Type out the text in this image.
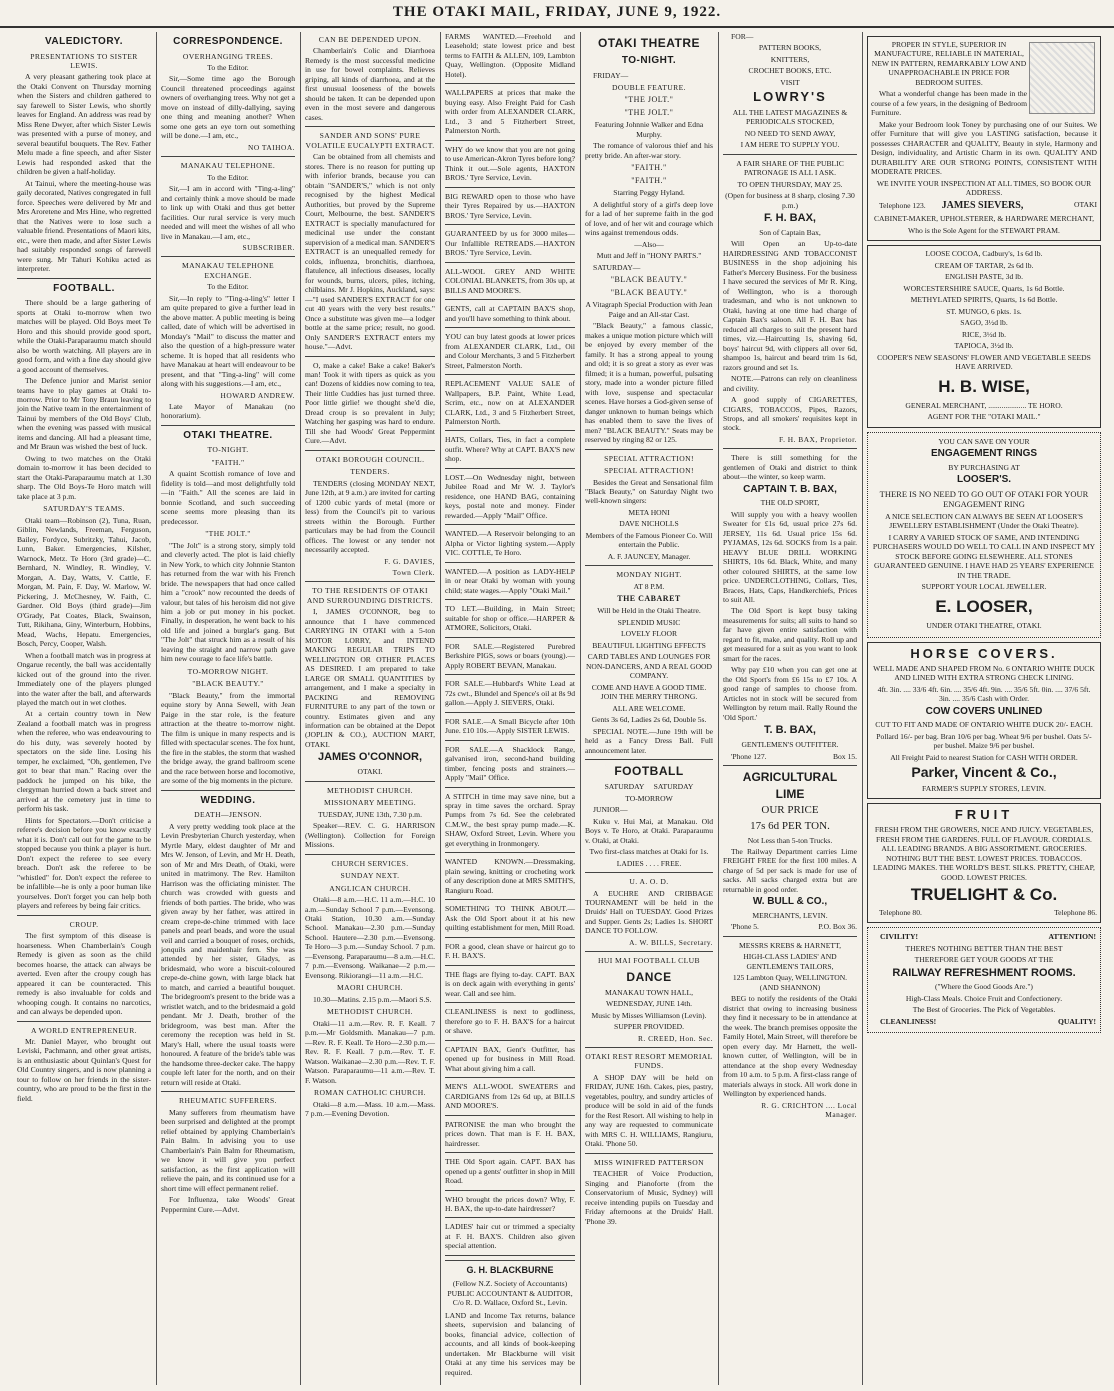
THE OTAKI MAIL, FRIDAY, JUNE 9, 1922.
VALEDICTORY.
PRESENTATIONS TO SISTER LEWIS.

A very pleasant gathering took place at the Otaki Convent on Thursday morning when the Sisters and children gathered to say farewell to Sister Lewis, who shortly leaves for England. An address was read by Miss Rene Dwyer, after which Sister Lewis was presented with a purse of money, and several beautiful bouquets. The Rev. Father Melu made a fine speech, and after Sister Lewis had responded asked that the children be given a half-holiday.

At Tainui, where the meeting-house was gaily decorated, Natives congregated in full force. Speeches were delivered by Mr and Mrs Aroretene and Mrs Hine, who regretted that the Natives were to lose such a valuable friend. Presentations of Maori kits, etc., were then made, and after Sister Lewis had suitably responded songs of farewell were sung. Mr Tahuri Kohiku acted as interpreter.

FOOTBALL.

There should be a large gathering of sports at Otaki to-morrow when two matches will be played. Old Boys meet Te Horo and this should provide good sport, while the Otaki-Paraparaumu match should also be worth watching. All players are in good form, and with a fine day should give a good account of themselves.

The Defence junior and Marist senior teams have to play games at Otaki to-morrow. Prior to Mr Tony Braun leaving to join the Native team in the entertainment of Tainui by members of the Old Boys' Club, when the evening was passed with musical items and dancing. All had a pleasant time, and Mr Braun was wished the best of luck.

Owing to two matches on the Otaki domain to-morrow it has been decided to start the Otaki-Paraparaumu match at 1.30 sharp. The Old Boys-Te Horo match will take place at 3 p.m.

SATURDAY'S TEAMS.

Otaki team—Robinson (2), Tuna, Ruan, Giblin, Newlands, Freeman, Ferguson, Bailey, Fordyce, Subritzky, Tahui, Jacob, Lunn, Baker. Emergencies, Kilsher, Warnock, Metz. Te Horo (3rd grade)—C. Bernhard, N. Windley, R. Windley, V. Morgan, A. Day, Watts, V. Cattle, F. Morgan, M. Pain, F. Day, W. Marlow, W. Pickering, J. McChesney, W. Faith, C. Gardner. Old Boys (third grade)—Jim O'Grady, Pat Coates, Black, Swainson, Tutt, Rikihana, Giny, Winterburn, Hobbins, Mead, Wachs, Hepatu. Emergencies, Bosch, Percy, Cooper, Walsh.

When a football match was in progress at Ongarue recently, the ball was accidentally kicked out of the ground into the river. Immediately one of the players plunged into the water after the ball, and afterwards played the match out in wet clothes.

At a certain country town in New Zealand a football match was in progress when the referee, who was endeavouring to do his duty, was severely hooted by spectators on the side line. Losing his temper, he exclaimed, "Oh, gentlemen, I've got to bear that man." Racing over the paddock he jumped on his bike, the clergyman hurried down a back street and arrived at the cemetery just in time to perform his task.

Hints for Spectators.—Don't criticise a referee's decision before you know exactly what it is. Don't call out for the game to be stopped because you think a player is hurt. Don't expect the referee to see every breach. Don't ask the referee to be "whistled" for. Don't expect the referee to be infallible—he is only a poor human like yourselves. Don't forget you can help both players and referees by being fair critics.

CROUP.

The first symptom of this disease is hoarseness. When Chamberlain's Cough Remedy is given as soon as the child becomes hoarse, the attack can always be averted. Even after the croupy cough has appeared it can be counteracted. This remedy is also invaluable for colds and whooping cough. It contains no narcotics, and can always be depended upon.

A WORLD ENTREPRENEUR.

Mr. Daniel Mayer, who brought out Leviski, Pachmann, and other great artists, is an enthusiastic about Quinlan's Quest for Old Country singers, and is now planning a tour to follow on her friends in the sister-country, who are proud to be the first in the field.

CORRESPONDENCE.
OVERHANGING TREES.

To the Editor.

Sir,—Some time ago the Borough Council threatened proceedings against owners of overhanging trees. Why not get a move on instead of dilly-dallying, saying one thing and meaning another? When some one gets an eye torn out something will be done.—I am, etc.,

NO TAIHOA.

MANAKAU TELEPHONE.

To the Editor.

Sir,—I am in accord with "Ting-a-ling" and certainly think a move should be made to link up with Otaki and thus get better facilities. Our rural service is very much needed and will meet the wishes of all who live in Manakau.—I am, etc.,

SUBSCRIBER.

MANAKAU TELEPHONE EXCHANGE.

To the Editor.

Sir,—In reply to "Ting-a-ling's" letter I am quite prepared to give a further lead in the above matter. A public meeting is being called, date of which will be advertised in Monday's "Mail" to discuss the matter and also the question of a high-pressure water scheme. It is hoped that all residents who have Manakau at heart will endeavour to be present, and that "Ting-a-ling" will come along with his suggestions.—I am, etc.,

HOWARD ANDREW.

Late Mayor of Manakau (no honorarium).

OTAKI THEATRE.
TO-NIGHT.
"FAITH."

A quaint Scottish romance of love and fidelity is told—and most delightfully told—in "Faith." All the scenes are laid in bonnie Scotland, and such succeeding scene seems more pleasing than its predecessor.

"THE JOLT."

"The Jolt" is a strong story, simply told and cleverly acted. The plot is laid chiefly in New York, to which city Johnnie Stanton has returned from the war with his French bride. The newspapers that had once called him a "crook" now recounted the deeds of valour, but tales of his heroism did not give him a job or put money in his pocket. Finally, in desperation, he went back to his old life and joined a burglar's gang. But "The Jolt" that struck him as a result of his leaving the straight and narrow path gave him new courage to face life's battle.

TO-MORROW NIGHT.
"BLACK BEAUTY."

"Black Beauty," from the immortal equine story by Anna Sewell, with Jean Paige in the star role, is the feature attraction at the theatre to-morrow night. The film is unique in many respects and is filled with spectacular scenes. The fox hunt, the fire in the stables, the storm that washed the bridge away, the grand ballroom scene and the race between horse and locomotive, are some of the big moments in the picture.

WEDDING.
DEATH—JENSON.

A very pretty wedding took place at the Levin Presbyterian Church yesterday, when Myrtle Mary, eldest daughter of Mr and Mrs W. Jenson, of Levin, and Mr H. Death, son of Mr and Mrs Death, of Otaki, were united in matrimony. The Rev. Hamilton Harrison was the officiating minister. The church was crowded with guests and friends of both parties. The bride, who was given away by her father, was attired in cream crepe-de-chine trimmed with lace panels and pearl beads, and wore the usual veil and carried a bouquet of roses, orchids, jonquils and maidenhair fern. She was attended by her sister, Gladys, as bridesmaid, who wore a biscuit-coloured crepe-de-chine gown, with large black hat to match, and carried a beautiful bouquet. The bridegroom's present to the bride was a wristlet watch, and to the bridesmaid a gold pendant. Mr J. Death, brother of the bridegroom, was best man. After the ceremony the reception was held in St. Mary's Hall, where the usual toasts were honoured. A feature of the bride's table was the handsome three-decker cake. The happy couple left later for the north, and on their return will reside at Otaki.

RHEUMATIC SUFFERERS.

Many sufferers from rheumatism have been surprised and delighted at the prompt relief obtained by applying Chamberlain's Pain Balm. In advising you to use Chamberlain's Pain Balm for Rheumatism, we know it will give you perfect satisfaction, as the first application will relieve the pain, and its continued use for a short time will effect permanent relief.

For Influenza, take Woods' Great Peppermint Cure.—Advt.

CAN BE DEPENDED UPON.

Chamberlain's Colic and Diarrhoea Remedy is the most successful medicine in use for bowel complaints. Relieves griping, all kinds of diarrhoea, and at the first unusual looseness of the bowels should be taken. It can be depended upon even in the most severe and dangerous cases.

SANDER AND SONS' PURE VOLATILE EUCALYPTI EXTRACT.

Can be obtained from all chemists and stores. There is no reason for putting up with inferior brands, because you can obtain "SANDER'S," which is not only recognised by the highest Medical Authorities, but proved by the Supreme Court, Melbourne, the best. SANDER'S EXTRACT is specially manufactured for medicinal use under the constant supervision of a medical man. SANDER'S EXTRACT is an unequalled remedy for colds, influenza, bronchitis, diarrhoea, flatulence, all infectious diseases, locally for wounds, burns, ulcers, piles, itching, chilblains. Mr J. Hopkins, Auckland, says:—"I used SANDER'S EXTRACT for one cut 40 years with the very best results." Once a substitute was given me—a lodger bottle at the same price; result, no good. Only SANDER'S EXTRACT enters my house."—Advt.

O, make a cake! Bake a cake! Baker's man! Took it with tipers as quick as you can! Dozens of kiddies now coming to tea, Their little Cuddies has just turned three. Poor little girlie! we thought she'd die, Dread croup is so prevalent in July; Watching her gasping was hard to endure. Till she had Woods' Great Peppermint Cure.—Advt.

OTAKI BOROUGH COUNCIL.
TENDERS.

TENDERS (closing MONDAY NEXT, June 12th, at 9 a.m.) are invited for carting of 1200 cubic yards of metal (more or less) from the Council's pit to various streets within the Borough. Further particulars may be had from the Council offices. The lowest or any tender not necessarily accepted.

F. G. DAVIES,

Town Clerk.

TO THE RESIDENTS OF OTAKI AND SURROUNDING DISTRICTS.

I, JAMES O'CONNOR, beg to announce that I have commenced CARRYING IN OTAKI with a 5-ton MOTOR LORRY, and INTEND MAKING REGULAR TRIPS TO WELLINGTON OR OTHER PLACES AS DESIRED. I am prepared to take LARGE OR SMALL QUANTITIES by arrangement, and I make a specialty in PACKING and REMOVING FURNITURE to any part of the town or country. Estimates given and any information can be obtained at the Depot (JOPLIN & CO.), AUCTION MART, OTAKI.

JAMES O'CONNOR,

OTAKI.

METHODIST CHURCH.
MISSIONARY MEETING.

TUESDAY, JUNE 13th, 7.30 p.m.

Speaker—REV. C. G. HARRISON (Wellington). Collection for Foreign Missions.

CHURCH SERVICES.
SUNDAY NEXT.
ANGLICAN CHURCH.

Otaki—8 a.m.—H.C. 11 a.m.—H.C. 10 a.m.—Sunday School 7 p.m.—Evensong. Otaki Station, 10.30 a.m.—Sunday School. Manakau—2.30 p.m.—Sunday School. Hautere—2.30 p.m.—Evensong. Te Horo—3 p.m.—Sunday School. 7 p.m.—Evensong. Paraparaumu—8 a.m.—H.C. 7 p.m.—Evensong. Waikanae—2 p.m.—Evensong. Rikiorangi—11 a.m.—H.C.

MAORI CHURCH.

10.30—Matins. 2.15 p.m.—Maori S.S.

METHODIST CHURCH.

Otaki—11 a.m.—Rev. R. F. Keall. 7 p.m.—Mr Goldsmith. Manakau—7 p.m.—Rev. R. F. Keall. Te Horo—2.30 p.m.—Rev. R. F. Keall. 7 p.m.—Rev. T. F. Watson. Waikanae—2.30 p.m.—Rev. T. F. Watson. Paraparaumu—11 a.m.—Rev. T. F. Watson.

ROMAN CATHOLIC CHURCH.

Otaki—8 a.m.—Mass. 10 a.m.—Mass. 7 p.m.—Evening Devotion.

FARMS WANTED.—Freehold and Leasehold; state lowest price and best terms to FAITH & ALLEN, 109, Lambton Quay, Wellington. (Opposite Midland Hotel).

WALLPAPERS at prices that make the buying easy. Also Freight Paid for Cash with order from ALEXANDER CLARK, Ltd., 3 and 5 Fitzherbert Street, Palmerston North.

WHY do we know that you are not going to use American-Akron Tyres before long? Think it out.—Sole agents, HAXTON BROS.' Tyre Service, Levin.

BIG REWARD open to those who have their Tyres Repaired by us.—HAXTON BROS.' Tyre Service, Levin.

GUARANTEED by us for 3000 miles—Our Infallible RETREADS.—HAXTON BROS.' Tyre Service, Levin.

ALL-WOOL GREY AND WHITE COLONIAL BLANKETS, from 30s up, at BILLS AND MOORE'S.

GENTS, call at CAPTAIN BAX'S shop, and you'll have something to think about.

YOU can buy latest goods at lower prices from ALEXANDER CLARK, Ltd., Oil and Colour Merchants, 3 and 5 Fitzherbert Street, Palmerston North.

REPLACEMENT VALUE SALE of Wallpapers, B.P. Paint, White Lead, Scrim, etc., now on at ALEXANDER CLARK, Ltd., 3 and 5 Fitzherbert Street, Palmerston North.

HATS, Collars, Ties, in fact a complete outfit. Where? Why at CAPT. BAX'S new shop.

LOST.—On Wednesday night, between Jubilee Road and Mr W. J. Taylor's residence, one HAND BAG, containing keys, postal note and money. Finder rewarded.—Apply "Mail" Office.

WANTED.—A Reservoir belonging to an Alpha or Victor lighting system.—Apply VIC. COTTLE, Te Horo.

WANTED.—A position as LADY-HELP in or near Otaki by woman with young child; state wages.—Apply "Otaki Mail."

TO LET.—Building, in Main Street; suitable for shop or office.—HARPER & ATMORE, Solicitors, Otaki.

FOR SALE.—Registered Purebred Berkshire PIGS, sows or boars (young).—Apply ROBERT BEVAN, Manakau.

FOR SALE.—Hubbard's White Lead at 72s cwt., Blundel and Spence's oil at 8s 9d gallon.—Apply J. SIEVERS, Otaki.

FOR SALE.—A Small Bicycle after 10th June. £10 10s.—Apply SISTER LEWIS.

FOR SALE.—A Shacklock Range, galvanised iron, second-hand building timber, fencing posts and strainers.—Apply "Mail" Office.

A STITCH in time may save nine, but a spray in time saves the orchard. Spray Pumps from 7s 6d. See the celebrated C.M.W., the best spray pump made.—K. SHAW, Oxford Street, Levin. Where you get everything in Ironmongery.

WANTED KNOWN.—Dressmaking, plain sewing, knitting or crocheting work of any description done at MRS SMITH'S, Rangiuru Road.

SOMETHING TO THINK ABOUT.—Ask the Old Sport about it at his new quilting establishment for men, Mill Road.

FOR a good, clean shave or haircut go to F. H. BAX'S.

THE flags are flying to-day. CAPT. BAX is on deck again with everything in gents' wear. Call and see him.

CLEANLINESS is next to godliness, therefore go to F. H. BAX'S for a haircut or shave.

CAPTAIN BAX, Gent's Outfitter, has opened up for business in Mill Road. What about giving him a call.

MEN'S ALL-WOOL SWEATERS and CARDIGANS from 12s 6d up, at BILLS AND MOORE'S.

PATRONISE the man who brought the prices down. That man is F. H. BAX, hairdresser.

THE Old Sport again. CAPT. BAX has opened up a gents' outfitter in shop in Mill Road.

WHO brought the prices down? Why, F. H. BAX, the up-to-date hairdresser?

LADIES' hair cut or trimmed a specialty at F. H. BAX'S. Children also given special attention.

G. H. BLACKBURNE

(Fellow N.Z. Society of Accountants) PUBLIC ACCOUNTANT & AUDITOR, C/o R. D. Wallace, Oxford St., Levin.

LAND and Income Tax returns, balance sheets, supervision and balancing of books, financial advice, collection of accounts, and all kinds of book-keeping undertaken. Mr Blackburne will visit Otaki at any time his services may be required.

OTAKI THEATRE
TO-NIGHT.

FRIDAY—

DOUBLE FEATURE.
"THE JOLT."
"THE JOLT."

Featuring Johnnie Walker and Edna Murphy.

The romance of valorous thief and his pretty bride. An after-war story.

"FAITH."
"FAITH."

Starring Peggy Hyland.

A delightful story of a girl's deep love for a lad of her supreme faith in the god of love, and of her wit and courage which wins against tremendous odds.

—Also—

Mutt and Jeff in "HONY PARTS."

SATURDAY—

"BLACK BEAUTY."
"BLACK BEAUTY."

A Vitagraph Special Production with Jean Paige and an All-star Cast.

"Black Beauty," a famous classic, makes a unique motion picture which will be enjoyed by every member of the family. It has a strong appeal to young and old; it is so great a story as ever was filmed; it is a human, powerful, pulsating story, made into a wonder picture filled with love, suspense and spectacular scenes. Have horses a God-given sense of danger unknown to human beings which has enabled them to save the lives of men? "BLACK BEAUTY." Seats may be reserved by ringing 82 or 125.

SPECIAL ATTRACTION!
SPECIAL ATTRACTION!

Besides the Great and Sensational film "Black Beauty," on Saturday Night two well-known singers:

META HONI

DAVE NICHOLLS

Members of the Famous Pioneer Co. Will entertain the Public.

A. F. JAUNCEY, Manager.

MONDAY NIGHT.

AT 8 P.M.

THE CABARET

Will be Held in the Otaki Theatre.

SPLENDID MUSIC

LOVELY FLOOR

BEAUTIFUL LIGHTING EFFECTS

CARD TABLES AND LOUNGES FOR NON-DANCERS, AND A REAL GOOD COMPANY.

COME AND HAVE A GOOD TIME. JOIN THE MERRY THRONG.

ALL ARE WELCOME.

Gents 3s 6d, Ladies 2s 6d, Double 5s.

SPECIAL NOTE.—June 19th will be held as a Fancy Dress Ball. Full announcement later.

FOOTBALL

SATURDAY SATURDAY

TO-MORROW

JUNIOR—

Kuku v. Hui Mai, at Manakau. Old Boys v. Te Horo, at Otaki. Paraparaumu v. Otaki, at Otaki.

Two first-class matches at Otaki for 1s.

LADIES . . . . FREE.

U. A. O. D.

A EUCHRE AND CRIBBAGE TOURNAMENT will be held in the Druids' Hall on TUESDAY. Good Prizes and Supper. Gents 2s; Ladies 1s. SHORT DANCE TO FOLLOW.

A. W. BILLS, Secretary.

HUI MAI FOOTBALL CLUB
DANCE

MANAKAU TOWN HALL,

WEDNESDAY, JUNE 14th.

Music by Misses Williamson (Levin).

SUPPER PROVIDED.

R. CREED, Hon. Sec.

OTAKI REST RESORT MEMORIAL FUNDS.

A SHOP DAY will be held on FRIDAY, JUNE 16th. Cakes, pies, pastry, vegetables, poultry, and sundry articles of produce will be sold in aid of the funds for the Rest Resort. All wishing to help in any way are requested to communicate with MRS C. H. WILLIAMS, Rangiuru, Otaki. 'Phone 50.

MISS WINIFRED PATTERSON

TEACHER of Voice Production, Singing and Pianoforte (from the Conservatorium of Music, Sydney) will receive intending pupils on Tuesday and Friday afternoons at the Druids' Hall. 'Phone 39.

FOR—

PATTERN BOOKS,

KNITTERS,

CROCHET BOOKS, ETC.

VISIT

LOWRY'S

ALL THE LATEST MAGAZINES & PERIODICALS STOCKED,

NO NEED TO SEND AWAY,

I AM HERE TO SUPPLY YOU.

A FAIR SHARE OF THE PUBLIC PATRONAGE IS ALL I ASK.

TO OPEN THURSDAY, MAY 25.

(Open for business at 8 sharp, closing 7.30 p.m.)

F. H. BAX,

Son of Captain Bax,

Will Open an Up-to-date HAIRDRESSING AND TOBACCONIST BUSINESS in the shop adjoining his Father's Mercery Business. For the business I have secured the services of Mr R. King, of Wellington, who is a thorough tradesman, and who is not unknown to Otaki, having at one time had charge of Captain Bax's saloon. All F. H. Bax has reduced all charges to suit the present hard times, viz.—Haircutting 1s, shaving 6d, boys' haircut 9d, with clippers all over 6d, shampoo 1s, haircut and beard trim 1s 6d, razors ground and set 1s.

NOTE.—Patrons can rely on cleanliness and civility.

A good supply of CIGARETTES, CIGARS, TOBACCOS, Pipes, Razors, Strops, and all smokers' requisites kept in stock.

F. H. BAX, Proprietor.

There is still something for the gentlemen of Otaki and district to think about—the winter, so keep warm.

CAPTAIN T. B. BAX,

THE OLD SPORT,

Will supply you with a heavy woollen Sweater for £1s 6d, usual price 27s 6d. JERSEY, 11s 6d. Usual price 15s 6d. PYJAMAS, 12s 6d. SOCKS from 1s a pair. HEAVY BLUE DRILL WORKING SHIRTS, 10s 6d. Black, White, and many other coloured SHIRTS, at the same low price. UNDERCLOTHING, Collars, Ties, Braces, Hats, Caps, Handkerchiefs, Prices to suit All.

The Old Sport is kept busy taking measurements for suits; all suits to hand so far have given entire satisfaction with regard to fit, make, and quality. Roll up and get measured for a suit as you want to look smart for the races.

Why pay £10 when you can get one at the Old Sport's from £6 15s to £7 10s. A good range of samples to choose from. Articles not in stock will be secured from Wellington by return mail. Rally Round the 'Old Sport.'

T. B. BAX,

GENTLEMEN'S OUTFITTER.

'Phone 127.	Box 15.

AGRICULTURAL

LIME

OUR PRICE

17s 6d PER TON.

Not Less than 5-ton Trucks.

The Railway Department carries Lime FREIGHT FREE for the first 100 miles. A charge of 5d per sack is made for use of sacks. All sacks charged extra but are returnable in good order.

W. BULL & CO.,

MERCHANTS, LEVIN.

'Phone 5.	P.O. Box 36.

MESSRS KREBS & HARNETT,

HIGH-CLASS LADIES' AND GENTLEMEN'S TAILORS,

125 Lambton Quay, WELLINGTON. (AND SHANNON)

BEG to notify the residents of the Otaki district that owing to increasing business they find it necessary to be in attendance at the week. The branch premises opposite the Family Hotel, Main Street, will therefore be open every day. Mr Harnett, the well-known cutter, of Wellington, will be in attendance at the shop every Wednesday from 10 a.m. to 5 p.m. A first-class range of materials always in stock. All work done in Wellington by experienced hands.

R. G. CRICHTON .... Local Manager.

PROPER IN STYLE, SUPERIOR IN MANUFACTURE, RELIABLE IN MATERIAL, NEW IN PATTERN, REMARKABLY LOW AND UNAPPROACHABLE IN PRICE FOR BEDROOM SUITES.

What a wonderful change has been made in the course of a few years, in the designing of Bedroom Furniture.

Make your Bedroom look Toney by purchasing one of our Suites. We offer Furniture that will give you LASTING satisfaction, because it possesses CHARACTER and QUALITY, Beauty in style, Harmony and Design, individuality, and Artistic Charm in its own. QUALITY AND DURABILITY ARE OUR STRONG POINTS, CONSISTENT WITH MODERATE PRICES.

WE INVITE YOUR INSPECTION AT ALL TIMES, SO BOOK OUR ADDRESS.

Telephone 123. JAMES SIEVERS,	OTAKI

CABINET-MAKER, UPHOLSTERER, & HARDWARE MERCHANT,

Who is the Sole Agent for the STEWART PRAM.

LOOSE COCOA, Cadbury's, 1s 6d lb.

CREAM OF TARTAR, 2s 6d lb.

ENGLISH PASTE, 3d lb.

WORCESTERSHIRE SAUCE, Quarts, 1s 6d Bottle.

METHYLATED SPIRITS, Quarts, 1s 6d Bottle.

ST. MUNGO, 6 pkts. 1s.

SAGO, 3½d lb.

RICE, 3½d lb.

TAPIOCA, 3½d lb.

COOPER'S NEW SEASONS' FLOWER AND VEGETABLE SEEDS HAVE ARRIVED.

H. B. WISE,

GENERAL MERCHANT, .................... TE HORO.

AGENT FOR THE "OTAKI MAIL."

YOU CAN SAVE ON YOUR

ENGAGEMENT RINGS

BY PURCHASING AT

LOOSER'S.

THERE IS NO NEED TO GO OUT OF OTAKI FOR YOUR ENGAGEMENT RING

A NICE SELECTION CAN ALWAYS BE SEEN AT LOOSER'S JEWELLERY ESTABLISHMENT (Under the Otaki Theatre).

I CARRY A VARIED STOCK OF SAME, AND INTENDING PURCHASERS WOULD DO WELL TO CALL IN AND INSPECT MY STOCK BEFORE GOING ELSEWHERE. ALL STONES GUARANTEED GENUINE. I HAVE HAD 25 YEARS' EXPERIENCE IN THE TRADE.

SUPPORT YOUR LOCAL JEWELLER.

E. LOOSER,

UNDER OTAKI THEATRE, OTAKI.

HORSE COVERS.

WELL MADE AND SHAPED FROM No. 6 ONTARIO WHITE DUCK AND LINED WITH EXTRA STRONG CHECK LINING.

4ft. 3in. .... 33/6 4ft. 6in. .... 35/6 4ft. 9in. .... 35/6 5ft. 0in. .... 37/6 5ft. 3in. .... 35/6 Cash with Order.

COW COVERS UNLINED

CUT TO FIT AND MADE OF ONTARIO WHITE DUCK 20/- EACH.

Pollard 16/- per bag. Bran 10/6 per bag. Wheat 9/6 per bushel. Oats 5/- per bushel. Maize 9/6 per bushel.

All Freight Paid to nearest Station for CASH WITH ORDER.

Parker, Vincent & Co.,

FARMER'S SUPPLY STORES, LEVIN.

FRUIT

FRESH FROM THE GROWERS, NICE AND JUICY. VEGETABLES, FRESH FROM THE GARDENS. FULL OF FLAVOUR. CORDIALS. ALL LEADING BRANDS. A BIG ASSORTMENT. GROCERIES. NOTHING BUT THE BEST. LOWEST PRICES. TOBACCOS. LEADING MAKES. THE WORLD'S BEST. SILKS. PRETTY, CHEAP, GOOD. LOWEST PRICES.

TRUELIGHT & Co.

Telephone 80.	Telephone 86.

CIVILITY!	ATTENTION!

THERE'S NOTHING BETTER THAN THE BEST

THEREFORE GET YOUR GOODS AT THE

RAILWAY REFRESHMENT ROOMS.

("Where the Good Goods Are.")

High-Class Meals. Choice Fruit and Confectionery.

The Best of Groceries. The Pick of Vegetables.

CLEANLINESS!	QUALITY!
